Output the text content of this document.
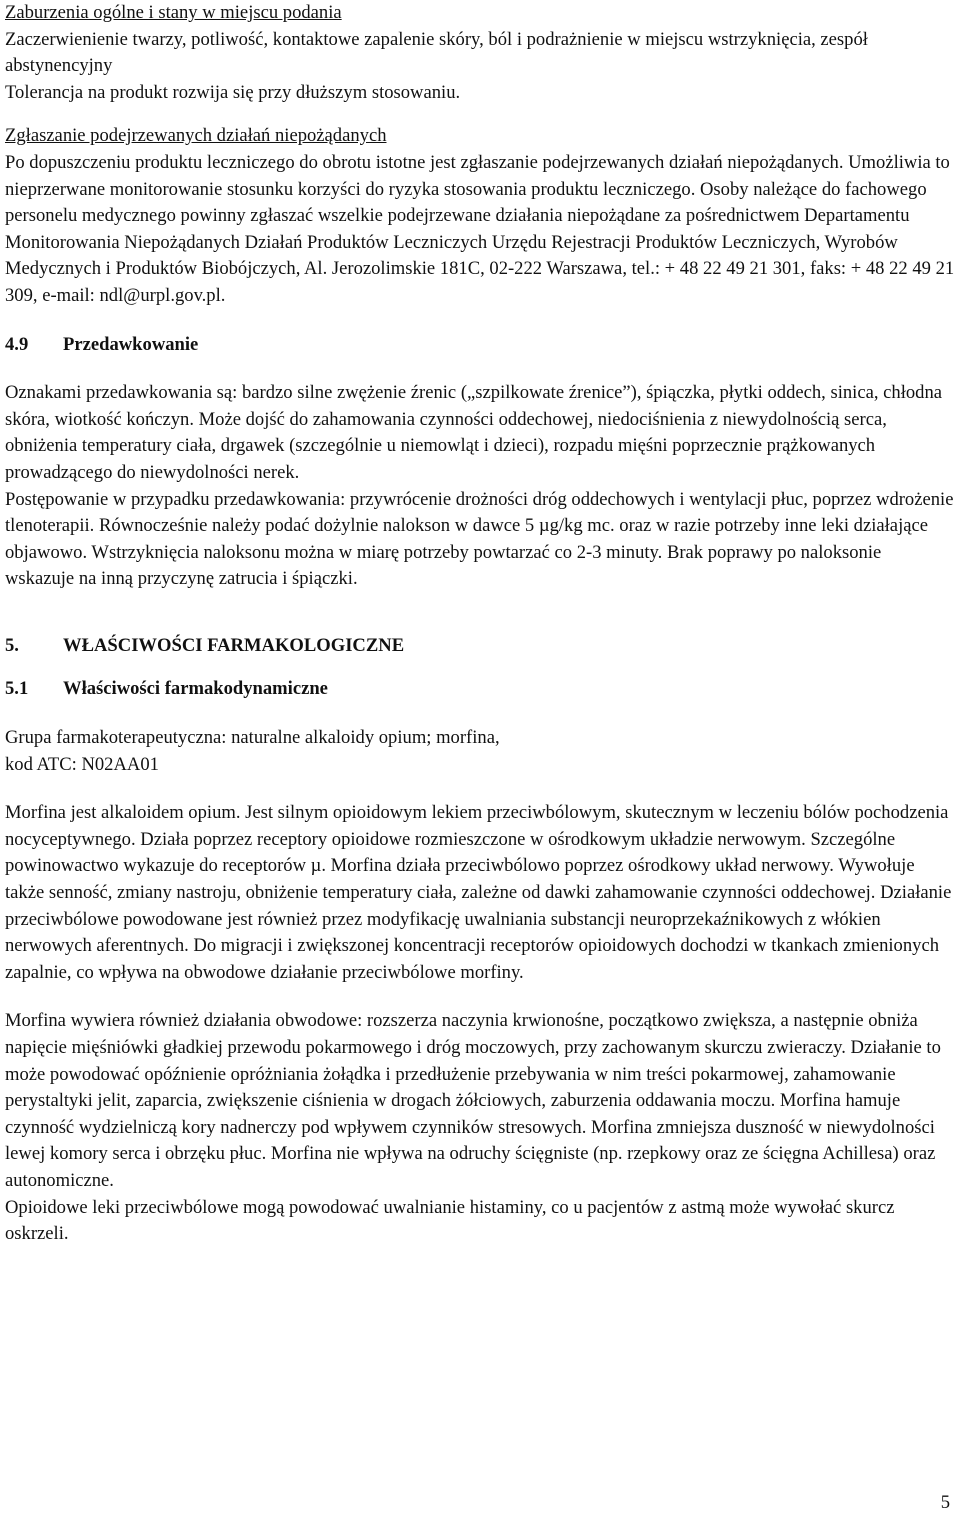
Zaburzenia ogólne i stany w miejscu podania

Zaczerwienienie twarzy, potliwość, kontaktowe zapalenie skóry, ból i podrażnienie w miejscu wstrzyknięcia, zespół abstynencyjny

Tolerancja na produkt rozwija się przy dłuższym stosowaniu.

Zgłaszanie podejrzewanych działań niepożądanych

Po dopuszczeniu produktu leczniczego do obrotu istotne jest zgłaszanie podejrzewanych działań niepożądanych. Umożliwia to nieprzerwane monitorowanie stosunku korzyści do ryzyka stosowania produktu leczniczego. Osoby należące do fachowego personelu medycznego powinny zgłaszać wszelkie podejrzewane działania niepożądane za pośrednictwem Departamentu Monitorowania Niepożądanych Działań Produktów Leczniczych Urzędu Rejestracji Produktów Leczniczych, Wyrobów Medycznych i Produktów Biobójczych, Al. Jerozolimskie 181C, 02-222 Warszawa, tel.: + 48 22 49 21 301, faks: + 48 22 49 21 309, e-mail: ndl@urpl.gov.pl.

4.9 Przedawkowanie

Oznakami przedawkowania są: bardzo silne zwężenie źrenic („szpilkowate źrenice”), śpiączka, płytki oddech, sinica, chłodna skóra, wiotkość kończyn. Może dojść do zahamowania czynności oddechowej, niedociśnienia z niewydolnością serca, obniżenia temperatury ciała, drgawek (szczególnie u niemowląt i dzieci), rozpadu mięśni poprzecznie prążkowanych prowadzącego do niewydolności nerek.

Postępowanie w przypadku przedawkowania: przywrócenie drożności dróg oddechowych i wentylacji płuc, poprzez wdrożenie tlenoterapii. Równocześnie należy podać dożylnie nalokson w dawce 5 µg/kg mc. oraz w razie potrzeby inne leki działające objawowo. Wstrzyknięcia naloksonu można w miarę potrzeby powtarzać co 2-3 minuty. Brak poprawy po naloksonie wskazuje na inną przyczynę zatrucia i śpiączki.

5. WŁAŚCIWOŚCI FARMAKOLOGICZNE

5.1 Właściwości farmakodynamiczne

Grupa farmakoterapeutyczna: naturalne alkaloidy opium; morfina,

kod ATC: N02AA01

Morfina jest alkaloidem opium. Jest silnym opioidowym lekiem przeciwbólowym, skutecznym w leczeniu bólów pochodzenia nocyceptywnego. Działa poprzez receptory opioidowe rozmieszczone w ośrodkowym układzie nerwowym. Szczególne powinowactwo wykazuje do receptorów µ. Morfina działa przeciwbólowo poprzez ośrodkowy układ nerwowy. Wywołuje także senność, zmiany nastroju, obniżenie temperatury ciała, zależne od dawki zahamowanie czynności oddechowej. Działanie przeciwbólowe powodowane jest również przez modyfikację uwalniania substancji neuroprzekaźnikowych z włókien nerwowych aferentnych. Do migracji i zwiększonej koncentracji receptorów opioidowych dochodzi w tkankach zmienionych zapalnie, co wpływa na obwodowe działanie przeciwbólowe morfiny.

Morfina wywiera również działania obwodowe: rozszerza naczynia krwionośne, początkowo zwiększa, a następnie obniża napięcie mięśniówki gładkiej przewodu pokarmowego i dróg moczowych, przy zachowanym skurczu zwieraczy. Działanie to może powodować opóźnienie opróżniania żołądka i przedłużenie przebywania w nim treści pokarmowej, zahamowanie perystaltyki jelit, zaparcia, zwiększenie ciśnienia w drogach żółciowych, zaburzenia oddawania moczu. Morfina hamuje czynność wydzielniczą kory nadnerczy pod wpływem czynników stresowych. Morfina zmniejsza duszność w niewydolności lewej komory serca i obrzęku płuc. Morfina nie wpływa na odruchy ścięgniste (np. rzepkowy oraz ze ścięgna Achillesa) oraz autonomiczne.

Opioidowe leki przeciwbólowe mogą powodować uwalnianie histaminy, co u pacjentów z astmą może wywołać skurcz oskrzeli.

5
